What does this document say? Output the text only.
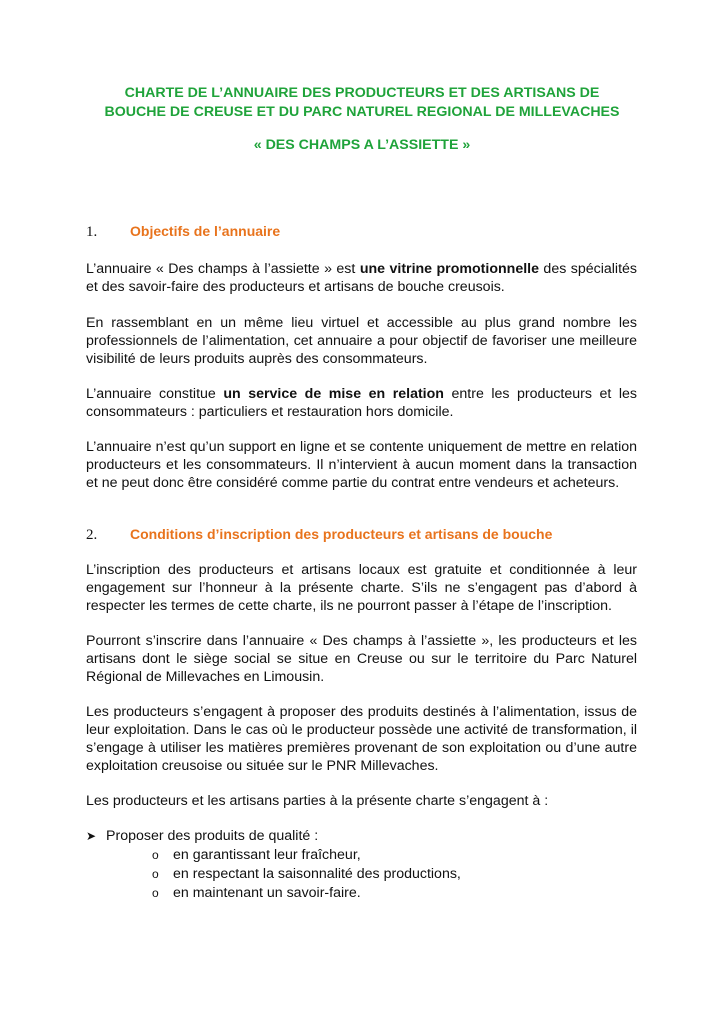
CHARTE DE L’ANNUAIRE DES PRODUCTEURS ET DES ARTISANS DE
BOUCHE DE CREUSE ET DU PARC NATUREL REGIONAL DE MILLEVACHES
« DES CHAMPS A L’ASSIETTE »
1. Objectifs de l’annuaire

L’annuaire « Des champs à l’assiette » est une vitrine promotionnelle des spécialités et des savoir-faire des producteurs et artisans de bouche creusois.

En rassemblant en un même lieu virtuel et accessible au plus grand nombre les professionnels de l’alimentation, cet annuaire a pour objectif de favoriser une meilleure visibilité de leurs produits auprès des consommateurs.

L’annuaire constitue un service de mise en relation entre les producteurs et les consommateurs : particuliers et restauration hors domicile.

L’annuaire n’est qu’un support en ligne et se contente uniquement de mettre en relation producteurs et les consommateurs. Il n’intervient à aucun moment dans la transaction et ne peut donc être considéré comme partie du contrat entre vendeurs et acheteurs.

2. Conditions d’inscription des producteurs et artisans de bouche

L’inscription des producteurs et artisans locaux est gratuite et conditionnée à leur engagement sur l’honneur à la présente charte. S’ils ne s’engagent pas d’abord à respecter les termes de cette charte, ils ne pourront passer à l’étape de l’inscription.

Pourront s’inscrire dans l’annuaire « Des champs à l’assiette », les producteurs et les artisans dont le siège social se situe en Creuse ou sur le territoire du Parc Naturel Régional de Millevaches en Limousin.

Les producteurs s’engagent à proposer des produits destinés à l’alimentation, issus de leur exploitation. Dans le cas où le producteur possède une activité de transformation, il s’engage à utiliser les matières premières provenant de son exploitation ou d’une autre exploitation creusoise ou située sur le PNR Millevaches.

Les producteurs et les artisans parties à la présente charte s’engagent à :

➤ Proposer des produits de qualité :
o en garantissant leur fraîcheur,
o en respectant la saisonnalité des productions,
o en maintenant un savoir-faire.
